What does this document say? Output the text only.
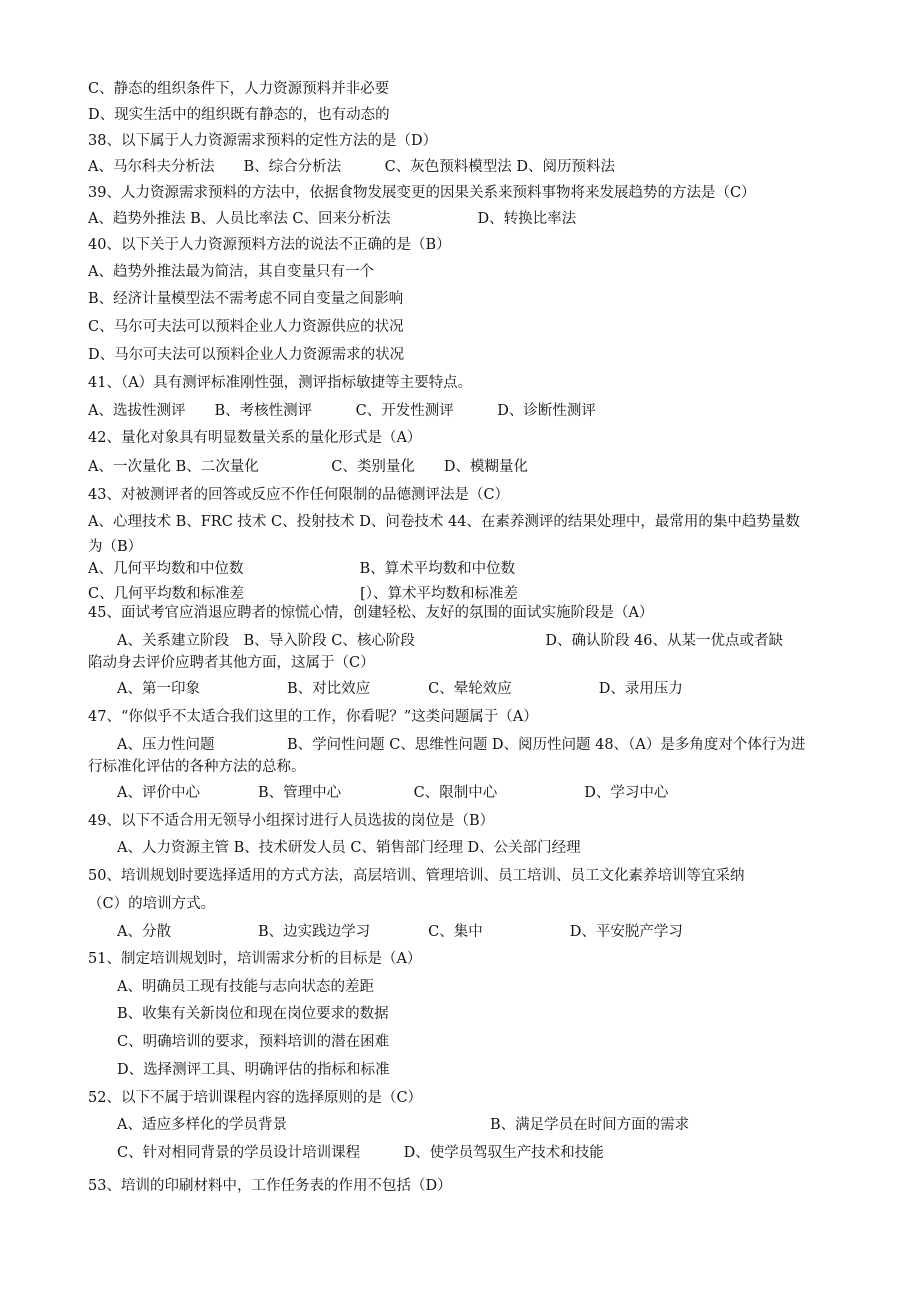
C、静态的组织条件下，人力资源预料并非必要
D、现实生活中的组织既有静态的，也有动态的
38、以下属于人力资源需求预料的定性方法的是（D）
A、马尔科夫分析法　　B、综合分析法　　　C、灰色预料模型法 D、阅历预料法
39、人力资源需求预料的方法中，依据食物发展变更的因果关系来预料事物将来发展趋势的方法是（C）
A、趋势外推法 B、人员比率法 C、回来分析法　　　　　　D、转换比率法
40、以下关于人力资源预料方法的说法不正确的是（B）
A、趋势外推法最为简洁，其自变量只有一个
B、经济计量模型法不需考虑不同自变量之间影响
C、马尔可夫法可以预料企业人力资源供应的状况
D、马尔可夫法可以预料企业人力资源需求的状况
41、（A）具有测评标准刚性强，测评指标敏捷等主要特点。
A、选拔性测评　　B、考核性测评　　　C、开发性测评　　　D、诊断性测评
42、量化对象具有明显数量关系的量化形式是（A）
A、一次量化 B、二次量化　　　　　C、类别量化　　D、模糊量化
43、对被测评者的回答或反应不作任何限制的品德测评法是（C）
A、心理技术 B、FRC 技术 C、投射技术 D、问卷技术 44、在素养测评的结果处理中，最常用的集中趋势量数
为（B）
A、几何平均数和中位数　　　　　　　　B、算术平均数和中位数
C、几何平均数和标准差　　　　　　　　[）、算术平均数和标准差
45、面试考官应消退应聘者的惊慌心情，创建轻松、友好的氛围的面试实施阶段是（A）
　　A、关系建立阶段　B、导入阶段 C、核心阶段　　　　　　　　　D、确认阶段 46、从某一优点或者缺
陷动身去评价应聘者其他方面，这属于（C）
　　A、第一印象　　　　　　B、对比效应　　　　C、晕轮效应　　　　　　D、录用压力
47、“你似乎不太适合我们这里的工作，你看呢？”这类问题属于（A）
　　A、压力性问题　　　　　B、学问性问题 C、思维性问题 D、阅历性问题 48、（A）是多角度对个体行为进
行标准化评估的各种方法的总称。
　　A、评价中心　　　　B、管理中心　　　　　C、限制中心　　　　　　D、学习中心
49、以下不适合用无领导小组探讨进行人员选拔的岗位是（B）
　　A、人力资源主管 B、技术研发人员 C、销售部门经理 D、公关部门经理
50、培训规划时要选择适用的方式方法，高层培训、管理培训、员工培训、员工文化素养培训等宜采纳
（C）的培训方式。
　　A、分散　　　　　　B、边实践边学习　　　　C、集中　　　　　　D、平安脱产学习
51、制定培训规划时，培训需求分析的目标是（A）
　　A、明确员工现有技能与志向状态的差距
　　B、收集有关新岗位和现在岗位要求的数据
　　C、明确培训的要求，预料培训的潜在困难
　　D、选择测评工具、明确评估的指标和标准
52、以下不属于培训课程内容的选择原则的是（C）
　　A、适应多样化的学员背景　　　　　　　　　　　　　　B、满足学员在时间方面的需求
　　C、针对相同背景的学员设计培训课程　　　D、使学员驾驭生产技术和技能
53、培训的印刷材料中，工作任务表的作用不包括（D）
